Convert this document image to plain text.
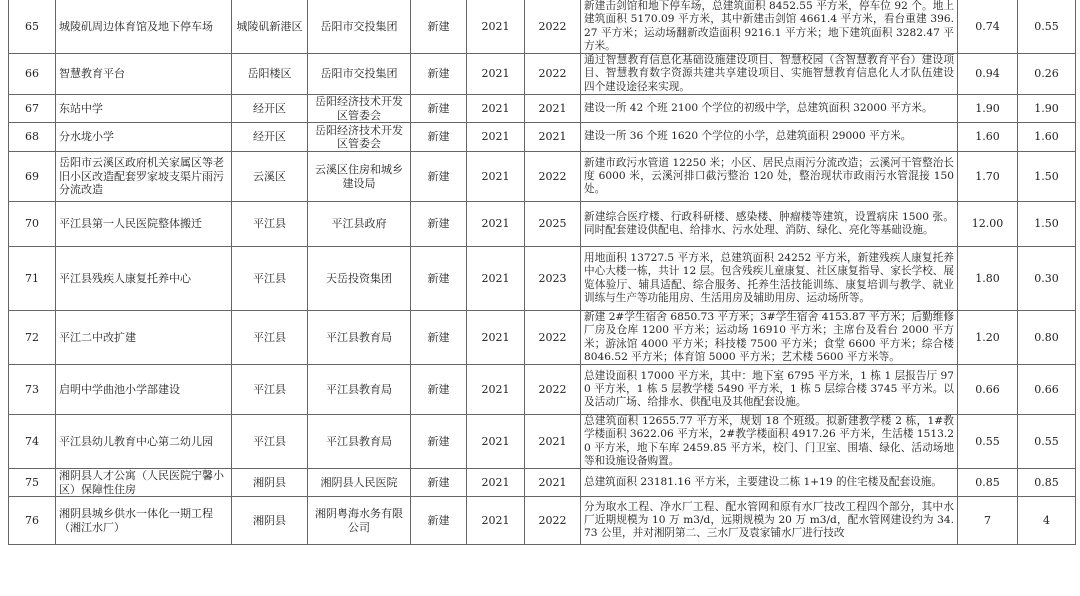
65	城陵矶周边体育馆及地下停车场	城陵矶新港区	岳阳市交投集团	新建	2021	2022	新建击剑馆和地下停车场，总建筑面积 8452.55 平方米，停车位 92 个。地上建筑面积 5170.09 平方米，其中新建击剑馆 4661.4 平方米，看台重建 396.27 平方米；运动场翻新改造面积 9216.1 平方米；地下建筑面积 3282.47 平方米。	0.74	0.55
66	智慧教育平台	岳阳楼区	岳阳市交投集团	新建	2021	2022	通过智慧教育信息化基础设施建设项目、智慧校园（含智慧教育平台）建设项目、智慧教育数字资源共建共享建设项目、实施智慧教育信息化人才队伍建设四个建设途径来实现。	0.94	0.26
67	东站中学	经开区	岳阳经济技术开发区管委会	新建	2021	2021	建设一所 42 个班 2100 个学位的初级中学，总建筑面积 32000 平方米。	1.90	1.90
68	分水垅小学	经开区	岳阳经济技术开发区管委会	新建	2021	2021	建设一所 36 个班 1620 个学位的小学，总建筑面积 29000 平方米。	1.60	1.60
69	岳阳市云溪区政府机关家属区等老旧小区改造配套罗家坡支渠片雨污分流改造	云溪区	云溪区住房和城乡建设局	新建	2021	2022	新建市政污水管道 12250 米；小区、居民点雨污分流改造；云溪河干管整治长度 6000 米，云溪河排口截污整治 120 处，整治现状市政雨污水管混接 150 处。	1.70	1.50
70	平江县第一人民医院整体搬迁	平江县	平江县政府	新建	2021	2025	新建综合医疗楼、行政科研楼、感染楼、肿瘤楼等建筑，设置病床 1500 张。同时配套建设供配电、给排水、污水处理、消防、绿化、亮化等基础设施。	12.00	1.50
71	平江县残疾人康复托养中心	平江县	天岳投资集团	新建	2021	2023	用地面积 13727.5 平方米，总建筑面积 24252 平方米，新建残疾人康复托养中心大楼一栋，共计 12 层。包含残疾儿童康复、社区康复指导、家长学校、展览体验厅、辅具适配、综合服务、托养生活技能训练、康复培训与教学、就业训练与生产等功能用房、生活用房及辅助用房、运动场所等。	1.80	0.30
72	平江二中改扩建	平江县	平江县教育局	新建	2021	2022	新建 2#学生宿舍 6850.73 平方米；3#学生宿舍 4153.87 平方米；后勤维修厂房及仓库 1200 平方米；运动场 16910 平方米；主席台及看台 2000 平方米；游泳馆 4000 平方米；科技楼 7500 平方米；食堂 6600 平方米；综合楼 8046.52 平方米；体育馆 5000 平方米；艺术楼 5600 平方米等。	1.20	0.80
73	启明中学曲池小学部建设	平江县	平江县教育局	新建	2021	2022	总建设面积 17000 平方米，其中：地下室 6795 平方米，1 栋 1 层报告厅 970 平方米，1 栋 5 层教学楼 5490 平方米，1 栋 5 层综合楼 3745 平方米。以及活动广场、给排水、供配电及其他配套设施。	0.66	0.66
74	平江县幼儿教育中心第二幼儿园	平江县	平江县教育局	新建	2021	2021	总建筑面积 12655.77 平方米，规划 18 个班级。拟新建教学楼 2 栋，1#教学楼面积 3622.06 平方米，2#教学楼面积 4917.26 平方米，生活楼 1513.20 平方米，地下车库 2459.85 平方米，校门、门卫室、围墙、绿化、活动场地等和设施设备购置。	0.55	0.55
75	湘阴县人才公寓（人民医院宁馨小区）保障性住房	湘阴县	湘阴县人民医院	新建	2021	2021	总建筑面积 23181.16 平方米，主要建设二栋 1+19 的住宅楼及配套设施。	0.85	0.85
76	湘阴县城乡供水一体化一期工程（湘江水厂）	湘阴县	湘阴粤海水务有限公司	新建	2021	2022	分为取水工程、净水厂工程、配水管网和原有水厂技改工程四个部分，其中水厂近期规模为 10 万 m3/d，远期规模为 20 万 m3/d，配水管网建设约为 34.73 公里，并对湘阴第二、三水厂及袁家铺水厂进行技改	7	4
